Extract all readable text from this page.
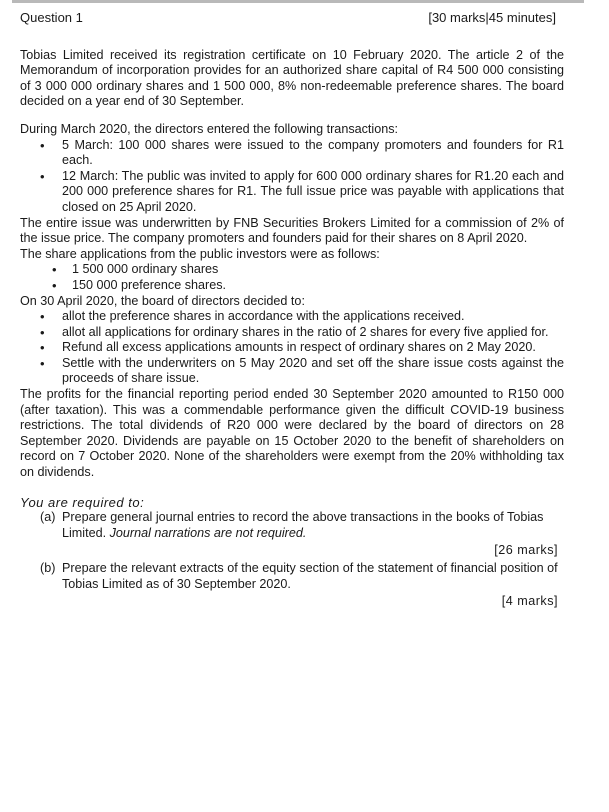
Question 1	[30 marks|45 minutes]

Tobias Limited received its registration certificate on 10 February 2020. The article 2 of the Memorandum of incorporation provides for an authorized share capital of R4 500 000 consisting of 3 000 000 ordinary shares and 1 500 000, 8% non-redeemable preference shares. The board decided on a year end of 30 September.

During March 2020, the directors entered the following transactions:

• 5 March: 100 000 shares were issued to the company promoters and founders for R1 each.
• 12 March: The public was invited to apply for 600 000 ordinary shares for R1.20 each and 200 000 preference shares for R1. The full issue price was payable with applications that closed on 25 April 2020.

The entire issue was underwritten by FNB Securities Brokers Limited for a commission of 2% of the issue price. The company promoters and founders paid for their shares on 8 April 2020.

The share applications from the public investors were as follows:

• 1 500 000 ordinary shares
• 150 000 preference shares.

On 30 April 2020, the board of directors decided to:

• allot the preference shares in accordance with the applications received.
• allot all applications for ordinary shares in the ratio of 2 shares for every five applied for.
• Refund all excess applications amounts in respect of ordinary shares on 2 May 2020.
• Settle with the underwriters on 5 May 2020 and set off the share issue costs against the proceeds of share issue.

The profits for the financial reporting period ended 30 September 2020 amounted to R150 000 (after taxation). This was a commendable performance given the difficult COVID-19 business restrictions. The total dividends of R20 000 were declared by the board of directors on 28 September 2020. Dividends are payable on 15 October 2020 to the benefit of shareholders on record on 7 October 2020. None of the shareholders were exempt from the 20% withholding tax on dividends.

You are required to:

(a) Prepare general journal entries to record the above transactions in the books of Tobias Limited. Journal narrations are not required.
[26 marks]
(b) Prepare the relevant extracts of the equity section of the statement of financial position of Tobias Limited as of 30 September 2020.
[4 marks]
